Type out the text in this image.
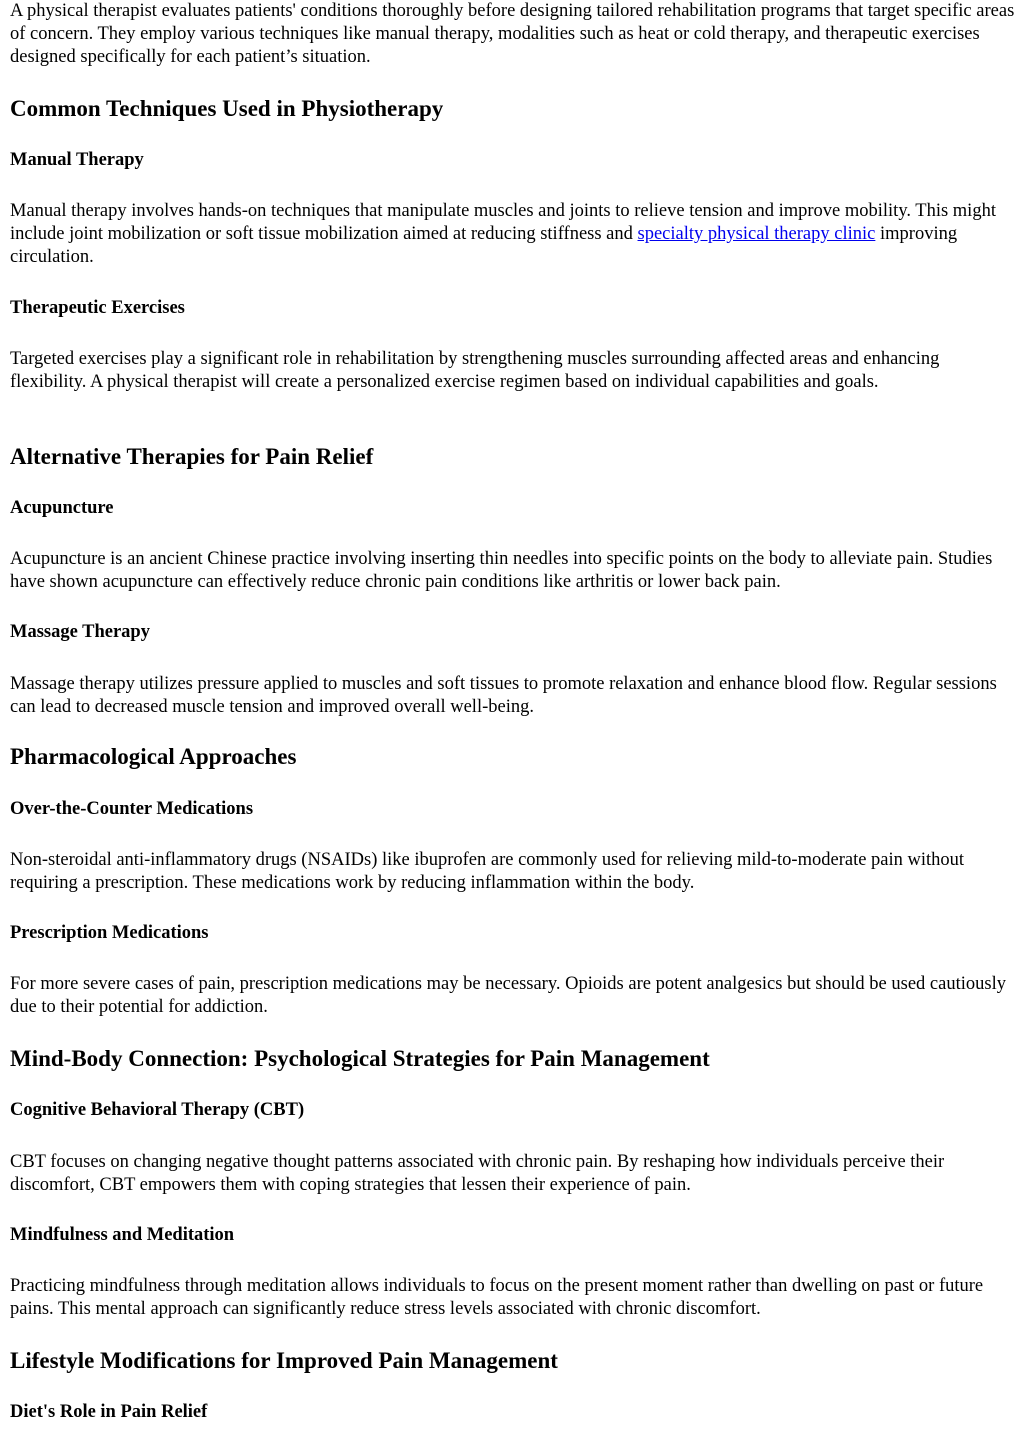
A physical therapist evaluates patients' conditions thoroughly before designing tailored rehabilitation programs that target specific areas of concern. They employ various techniques like manual therapy, modalities such as heat or cold therapy, and therapeutic exercises designed specifically for each patient’s situation.

Common Techniques Used in Physiotherapy
Manual Therapy

Manual therapy involves hands-on techniques that manipulate muscles and joints to relieve tension and improve mobility. This might include joint mobilization or soft tissue mobilization aimed at reducing stiffness and specialty physical therapy clinic improving circulation.

Therapeutic Exercises

Targeted exercises play a significant role in rehabilitation by strengthening muscles surrounding affected areas and enhancing flexibility. A physical therapist will create a personalized exercise regimen based on individual capabilities and goals.

Alternative Therapies for Pain Relief
Acupuncture

Acupuncture is an ancient Chinese practice involving inserting thin needles into specific points on the body to alleviate pain. Studies have shown acupuncture can effectively reduce chronic pain conditions like arthritis or lower back pain.

Massage Therapy

Massage therapy utilizes pressure applied to muscles and soft tissues to promote relaxation and enhance blood flow. Regular sessions can lead to decreased muscle tension and improved overall well-being.

Pharmacological Approaches
Over-the-Counter Medications

Non-steroidal anti-inflammatory drugs (NSAIDs) like ibuprofen are commonly used for relieving mild-to-moderate pain without requiring a prescription. These medications work by reducing inflammation within the body.

Prescription Medications

For more severe cases of pain, prescription medications may be necessary. Opioids are potent analgesics but should be used cautiously due to their potential for addiction.

Mind-Body Connection: Psychological Strategies for Pain Management
Cognitive Behavioral Therapy (CBT)

CBT focuses on changing negative thought patterns associated with chronic pain. By reshaping how individuals perceive their discomfort, CBT empowers them with coping strategies that lessen their experience of pain.

Mindfulness and Meditation

Practicing mindfulness through meditation allows individuals to focus on the present moment rather than dwelling on past or future pains. This mental approach can significantly reduce stress levels associated with chronic discomfort.

Lifestyle Modifications for Improved Pain Management
Diet's Role in Pain Relief
